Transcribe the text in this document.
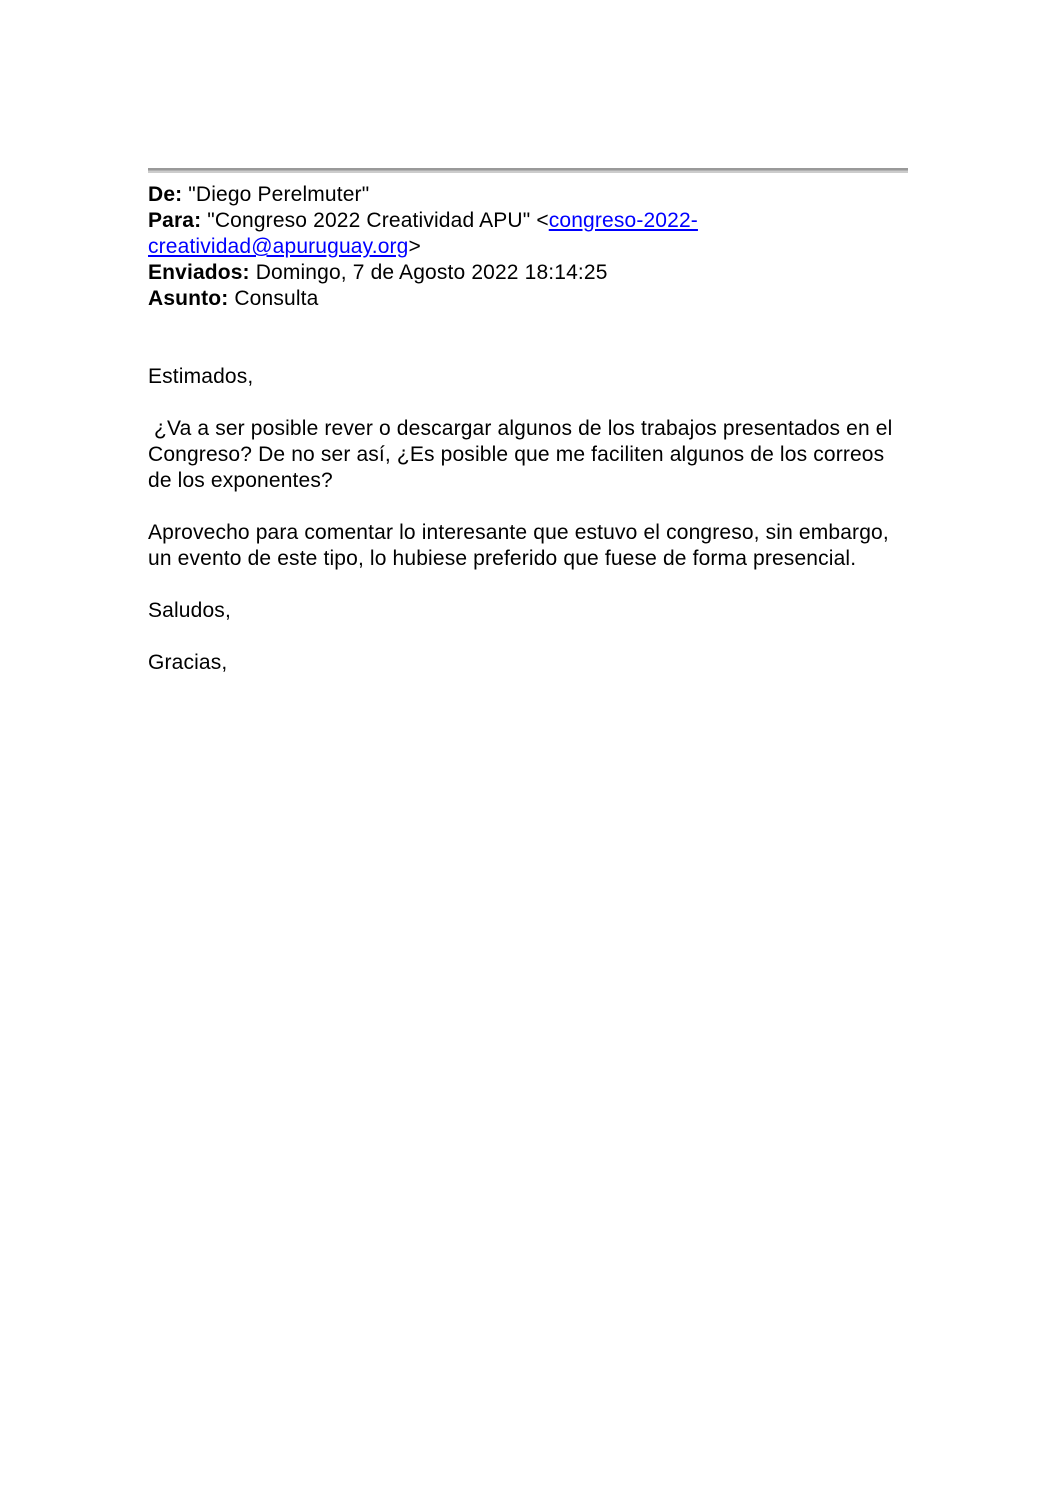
De: "Diego Perelmuter"

Para: "Congreso 2022 Creatividad APU" <congreso-2022-creatividad@apuruguay.org>

Enviados: Domingo, 7 de Agosto 2022 18:14:25

Asunto: Consulta

Estimados,

¿Va a ser posible rever o descargar algunos de los trabajos presentados en el Congreso? De no ser así, ¿Es posible que me faciliten algunos de los correos de los exponentes?

Aprovecho para comentar lo interesante que estuvo el congreso, sin embargo, un evento de este tipo, lo hubiese preferido que fuese de forma presencial.

Saludos,

Gracias,
